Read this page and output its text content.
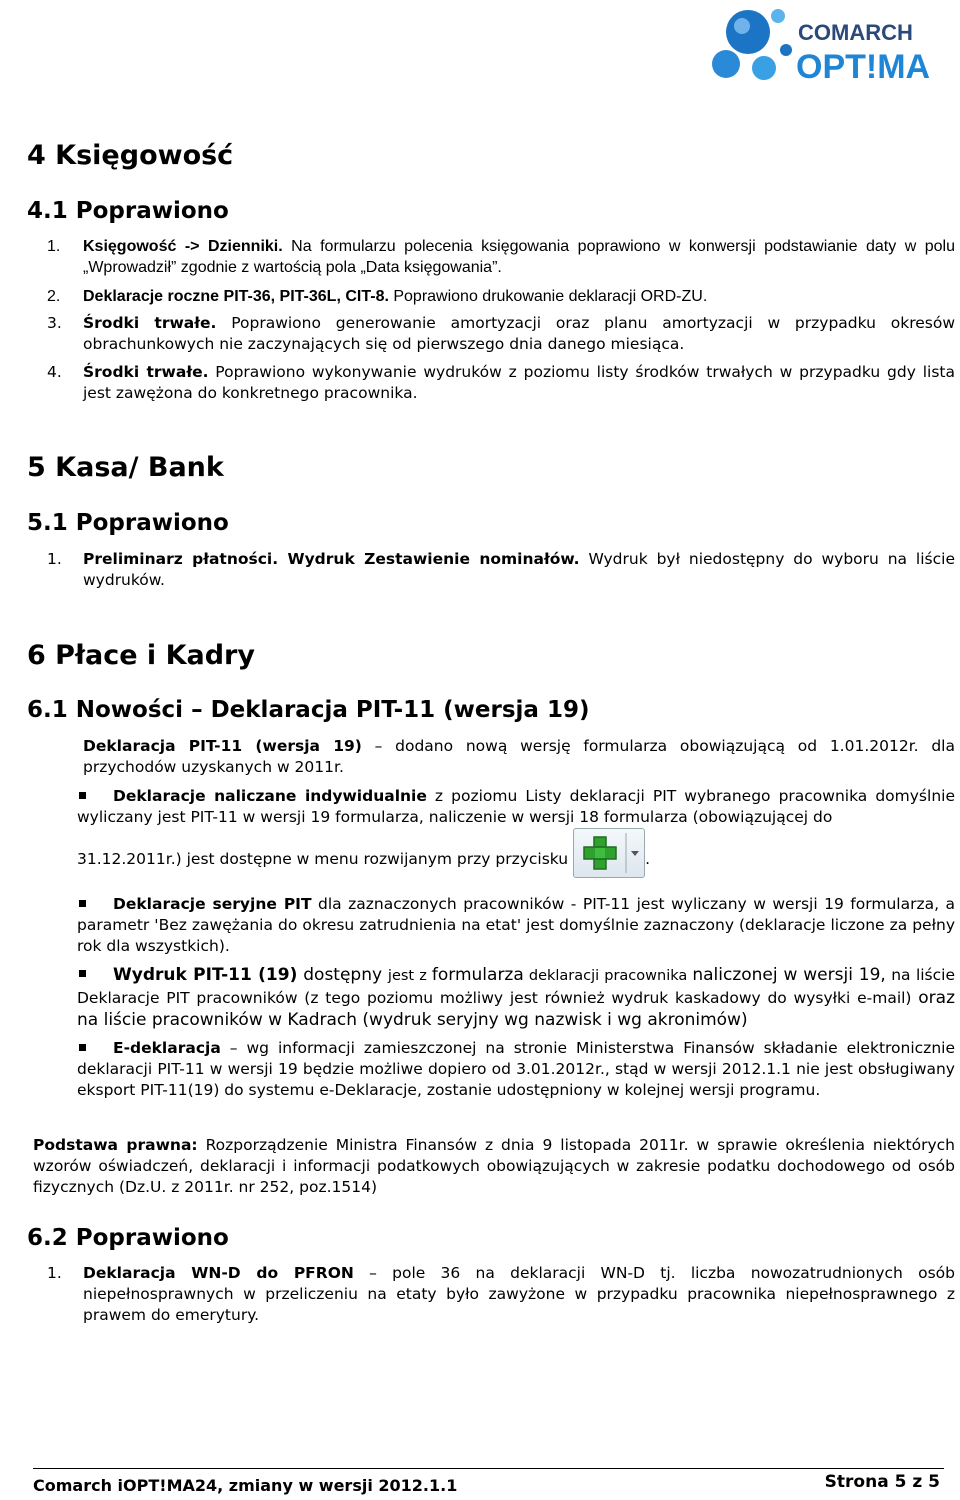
COMARCH
OPT!MA
4 Księgowość
4.1 Poprawiono
1. Księgowość -> Dzienniki. Na formularzu polecenia księgowania poprawiono w konwersji podstawianie daty w polu „Wprowadził” zgodnie z wartością pola „Data księgowania”.
2. Deklaracje roczne PIT-36, PIT-36L, CIT-8. Poprawiono drukowanie deklaracji ORD-ZU.
3. Środki trwałe. Poprawiono generowanie amortyzacji oraz planu amortyzacji w przypadku okresów obrachunkowych nie zaczynających się od pierwszego dnia danego miesiąca.
4. Środki trwałe. Poprawiono wykonywanie wydruków z poziomu listy środków trwałych w przypadku gdy lista jest zawężona do konkretnego pracownika.
5 Kasa/ Bank
5.1 Poprawiono
1. Preliminarz płatności. Wydruk Zestawienie nominałów. Wydruk był niedostępny do wyboru na liście wydruków.
6 Płace i Kadry
6.1 Nowości – Deklaracja PIT-11 (wersja 19)
Deklaracja PIT-11 (wersja 19) – dodano nową wersję formularza obowiązującą od 1.01.2012r. dla przychodów uzyskanych w 2011r.
Deklaracje naliczane indywidualnie z poziomu Listy deklaracji PIT wybranego pracownika domyślnie wyliczany jest PIT-11 w wersji 19 formularza, naliczenie w wersji 18 formularza (obowiązującej do
31.12.2011r.) jest dostępne w menu rozwijanym przy przycisku	.
Deklaracje seryjne PIT dla zaznaczonych pracowników - PIT-11 jest wyliczany w wersji 19 formularza, a parametr 'Bez zawężania do okresu zatrudnienia na etat' jest domyślnie zaznaczony (deklaracje liczone za pełny rok dla wszystkich).
Wydruk PIT-11 (19) dostępny jest z formularza deklaracji pracownika naliczonej w wersji 19, na liście Deklaracje PIT pracowników (z tego poziomu możliwy jest również wydruk kaskadowy do wysyłki e-mail) oraz na liście pracowników w Kadrach (wydruk seryjny wg nazwisk i wg akronimów)
E-deklaracja – wg informacji zamieszczonej na stronie Ministerstwa Finansów składanie elektronicznie deklaracji PIT-11 w wersji 19 będzie możliwe dopiero od 3.01.2012r., stąd w wersji 2012.1.1 nie jest obsługiwany eksport PIT-11(19) do systemu e-Deklaracje, zostanie udostępniony w kolejnej wersji programu.
Podstawa prawna: Rozporządzenie Ministra Finansów z dnia 9 listopada 2011r. w sprawie określenia niektórych wzorów oświadczeń, deklaracji i informacji podatkowych obowiązujących w zakresie podatku dochodowego od osób fizycznych (Dz.U. z 2011r. nr 252, poz.1514)
6.2 Poprawiono
1. Deklaracja WN-D do PFRON – pole 36 na deklaracji WN-D tj. liczba nowozatrudnionych osób niepełnosprawnych w przeliczeniu na etaty było zawyżone w przypadku pracownika niepełnosprawnego z prawem do emerytury.
Comarch iOPT!MA24, zmiany w wersji 2012.1.1	Strona 5 z 5
